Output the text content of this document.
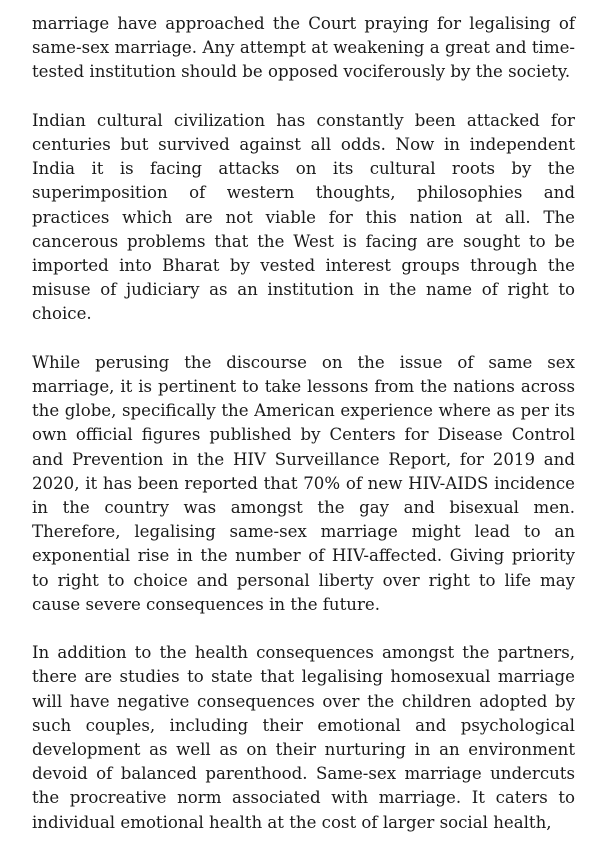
marriage have approached the Court praying for legalising of same-sex marriage. Any attempt at weakening a great and time-tested institution should be opposed vociferously by the society.

Indian cultural civilization has constantly been attacked for centuries but survived against all odds. Now in independent India it is facing attacks on its cultural roots by the superimposition of western thoughts, philosophies and practices which are not viable for this nation at all. The cancerous problems that the West is facing are sought to be imported into Bharat by vested interest groups through the misuse of judiciary as an institution in the name of right to choice.

While perusing the discourse on the issue of same sex marriage, it is pertinent to take lessons from the nations across the globe, specifically the American experience where as per its own official figures published by Centers for Disease Control and Prevention in the HIV Surveillance Report, for 2019 and 2020, it has been reported that 70% of new HIV-AIDS incidence in the country was amongst the gay and bisexual men. Therefore, legalising same-sex marriage might lead to an exponential rise in the number of HIV-affected. Giving priority to right to choice and personal liberty over right to life may cause severe consequences in the future.

In addition to the health consequences amongst the partners, there are studies to state that legalising homosexual marriage will have negative consequences over the children adopted by such couples, including their emotional and psychological development as well as on their nurturing in an environment devoid of balanced parenthood. Same-sex marriage undercuts the procreative norm associated with marriage. It caters to individual emotional health at the cost of larger social health,
